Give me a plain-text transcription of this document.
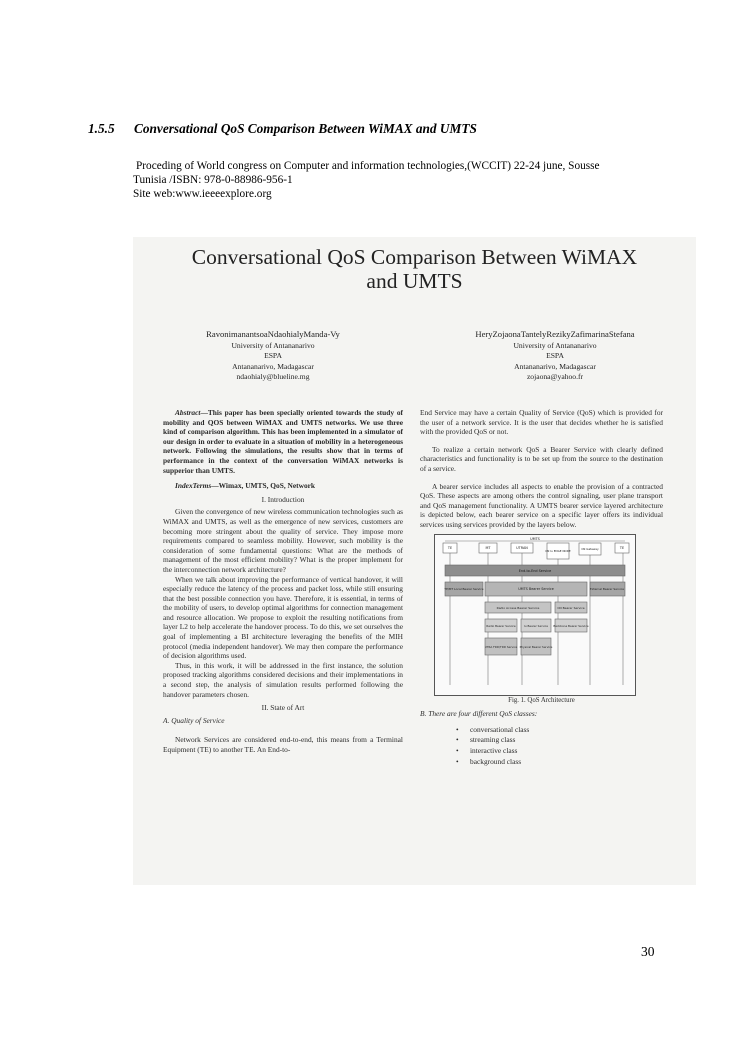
1.5.5 Conversational QoS Comparison Between WiMAX and UMTS
Proceding of World congress on Computer and information technologies,(WCCIT) 22-24 june, Sousse
Tunisia /ISBN: 978-0-88986-956-1
Site web:www.ieeeexplore.org
Conversational QoS Comparison Between WiMAX
and UMTS
RavonimanantsoaNdaohialyManda-Vy
University of Antananarivo
ESPA
Antananarivo, Madagascar
ndaohialy@blueline.mg
HeryZojaonaTantelyRezikyZafimarinaStefana
University of Antananarivo
ESPA
Antananarivo, Madagascar
zojaona@yahoo.fr

Abstract—This paper has been specially oriented towards the study of mobility and QOS between WiMAX and UMTS networks. We use three kind of comparison algorithm. This has been implemented in a simulator of our design in order to evaluate in a situation of mobility in a heterogeneous network. Following the simulations, the results show that in terms of performance in the context of the conversation WiMAX networks is supperior than UMTS.

IndexTerms—Wimax, UMTS, QoS, Network

I. Introduction

Given the convergence of new wireless communication technologies such as WiMAX and UMTS, as well as the emergence of new services, customers are becoming more stringent about the quality of service. They impose more requirements compared to seamless mobility. However, such mobility is the consideration of some fundamental questions: What are the methods of management of the most efficient mobility? What is the proper implement for the interconnection network architecture?

When we talk about improving the performance of vertical handover, it will especially reduce the latency of the process and packet loss, while still ensuring that the best possible connection you have. Therefore, it is essential, in terms of the mobility of users, to develop optimal algorithms for connection management and resource allocation. We propose to exploit the resulting notifications from layer L2 to help accelerate the handover process. To do this, we set ourselves the goal of implementing a BI architecture leveraging the benefits of the MIH protocol (media independent handover). We may then compare the performance of decision algorithms used.

Thus, in this work, it will be addressed in the first instance, the solution proposed tracking algorithms considered decisions and their implementations in a second step, the analysis of simulation results performed following the handover parameters chosen.

II. State of Art

A. Quality of Service

Network Services are considered end-to-end, this means from a Terminal Equipment (TE) to another TE. An End-to-

End Service may have a certain Quality of Service (QoS) which is provided for the user of a network service. It is the user that decides whether he is satisfied with the provided QoS or not.

To realize a certain network QoS a Bearer Service with clearly defined characteristics and functionality is to be set up from the source to the destination of a service.

A bearer service includes all aspects to enable the provision of a contracted QoS. These aspects are among others the control signaling, user plane transport and QoS management functionality. A UMTS bearer service layered architecture is depicted below, each bearer service on a specific layer offers its individual services using services provided by the layers below.

UMTS
TE	MT	UTRAN
CN Iu EDGE NODE	CN Gateway	TE
End-to-End Service
TE/MT Local Bearer Service	UMTS Bearer Service	External Bearer Service
Radio Access Bearer Service	CN Bearer Service
Radio Bearer Service	Iu Bearer Service Backbone Bearer Service
UTRA FDD/TDD Service Physical Bearer Service

Fig. 1. QoS Architecture

B. There are four different QoS classes:

• conversational class
• streaming class
• interactive class
• background class
30
